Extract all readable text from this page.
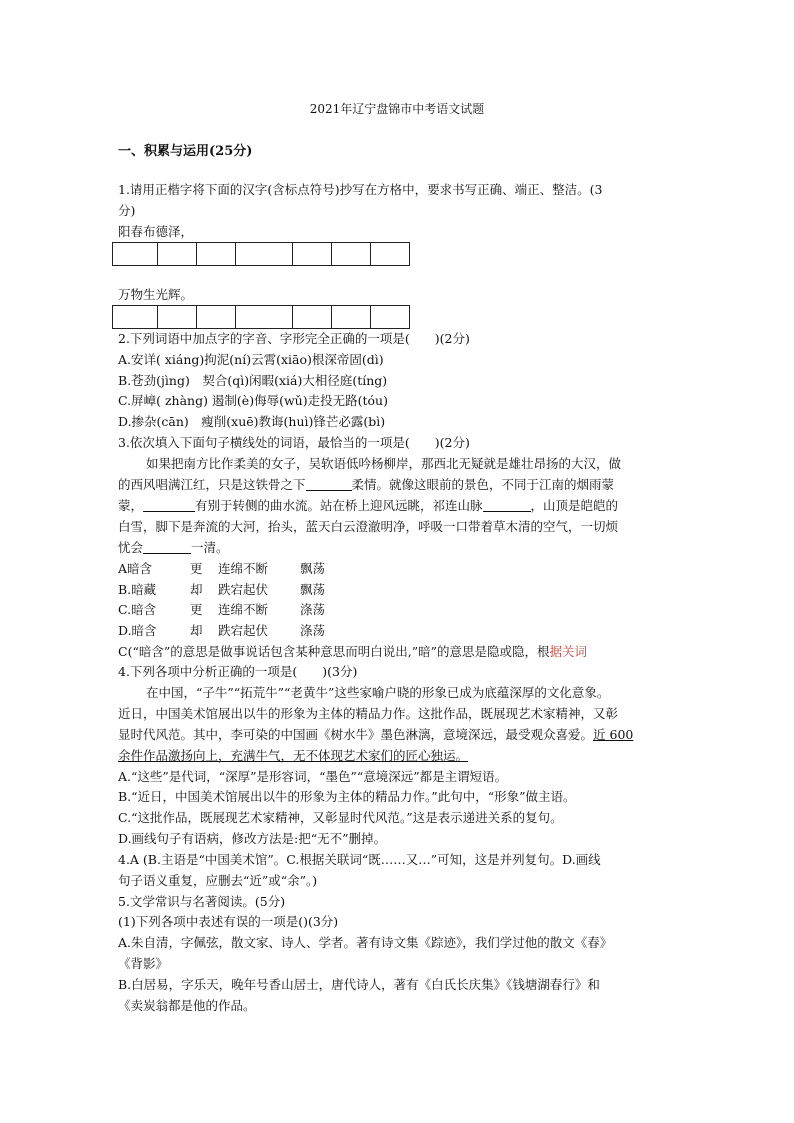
2021年辽宁盘锦市中考语文试题
一、积累与运用(25分)
1.请用正楷字将下面的汉字(含标点符号)抄写在方格中，要求书写正确、端正、整洁。(3
分)
阳春布德泽，
万物生光辉。
2.下列词语中加点字的字音、字形完全正确的一项是(　　)(2分)
A.安详( xiáng)拘泥(ní)云霄(xiāo)根深帝固(dì)
B.苍劲(jìng)　契合(qì)闲暇(xiá)大相径庭(tíng)
C.屏嶂( zhàng) 遏制(è)侮辱(wǔ)走投无路(tóu)
D.掺杂(cān)　瘦削(xuē)教诲(huì)锋芒必露(bì)
3.依次填入下面句子横线处的词语，最恰当的一项是(　　)(2分)
如果把南方比作柔美的女子，吴软语低吟杨柳岸，那西北无疑就是雄壮昂扬的大汉，做
的西风唱满江红，只是这铁骨之下	柔情。就像这眼前的景色，不同于江南的烟雨蒙
蒙，	有别于转侧的曲水流。站在桥上迎风远眺，祁连山脉	，山顶是皑皑的
白雪，脚下是奔流的大河，抬头，蓝天白云澄澈明净，呼吸一口带着草木清的空气，一切烦
忧会	一清。
A暗含	更 连绵不断	飘荡
B.暗藏	却 跌宕起伏	飘荡
C.暗含	更 连绵不断	涤荡
D.暗含	却 跌宕起伏	涤荡
C(“暗含”的意思是做事说话包含某种意思而明白说出,”暗”的意思是隐或隐，根据关词
4.下列各项中分析正确的一项是(　　)(3分)
在中国，“子牛”“拓荒牛”“老黄牛”这些家喻户晓的形象已成为底蕴深厚的文化意象。
近日，中国美术馆展出以牛的形象为主体的精品力作。这批作品，既展现艺术家精神，又彰
显时代风范。其中，李可染的中国画《树水牛》墨色淋漓，意境深远，最受观众喜爱。近 600
余件作品激扬向上，充满牛气，无不体现艺术家们的匠心独运。
A.“这些”是代词，“深厚”是形容词，“墨色”“意境深远”都是主谓短语。
B.“近日，中国美术馆展出以牛的形象为主体的精品力作。”此句中，“形象”做主语。
C.“这批作品，既展现艺术家精神，又彰显时代风范。”这是表示递进关系的复句。
D.画线句子有语病，修改方法是:把“无不”删掉。
4.A (B.主语是“中国美术馆”。C.根据关联词“既……又…”可知，这是并列复句。D.画线
句子语义重复，应删去“近”或“余”。)
5.文学常识与名著阅读。(5分)
(1)下列各项中表述有误的一项是()(3分)
A.朱自清，字佩弦，散文家、诗人、学者。著有诗文集《踪迹》，我们学过他的散文《春》
《背影》
B.白居易，字乐天，晚年号香山居士，唐代诗人，著有《白氏长庆集》《钱塘湖春行》和
《卖炭翁都是他的作品。
